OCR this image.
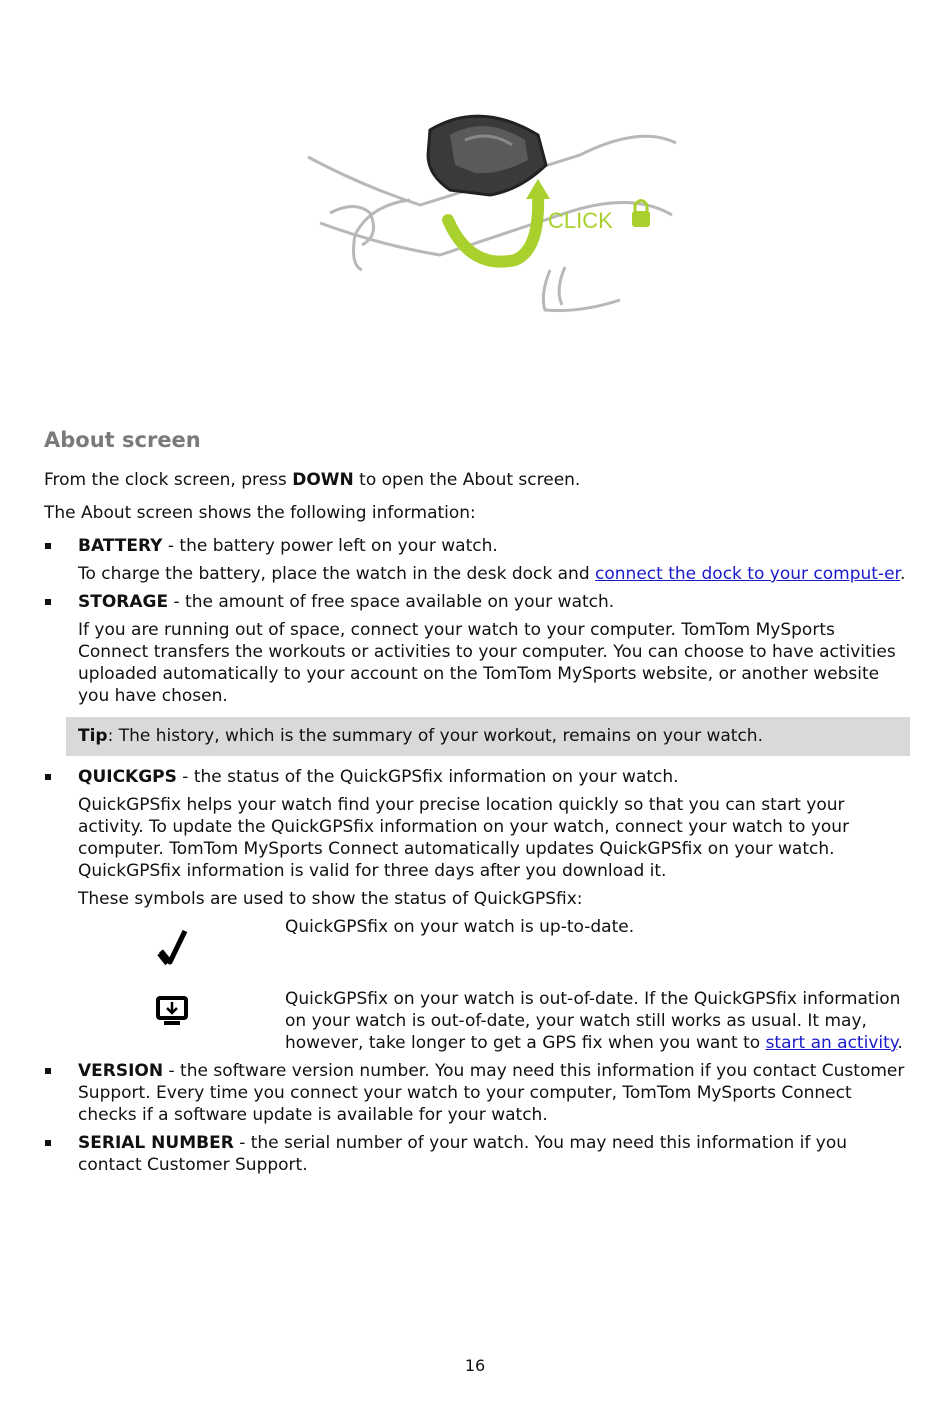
CLICK
About screen

From the clock screen, press DOWN to open the About screen.

The About screen shows the following information:

BATTERY - the battery power left on your watch.

To charge the battery, place the watch in the desk dock and connect the dock to your comput-er.

STORAGE - the amount of free space available on your watch.

If you are running out of space, connect your watch to your computer. TomTom MySports Connect transfers the workouts or activities to your computer. You can choose to have activities uploaded automatically to your account on the TomTom MySports website, or another website you have chosen.

Tip: The history, which is the summary of your workout, remains on your watch.

QUICKGPS - the status of the QuickGPSfix information on your watch.

QuickGPSfix helps your watch find your precise location quickly so that you can start your activity. To update the QuickGPSfix information on your watch, connect your watch to your computer. TomTom MySports Connect automatically updates QuickGPSfix on your watch. QuickGPSfix information is valid for three days after you download it.

These symbols are used to show the status of QuickGPSfix:

QuickGPSfix on your watch is up-to-date.

QuickGPSfix on your watch is out-of-date. If the QuickGPSfix information on your watch is out-of-date, your watch still works as usual. It may, however, take longer to get a GPS fix when you want to start an activity.

VERSION - the software version number. You may need this information if you contact Customer Support. Every time you connect your watch to your computer, TomTom MySports Connect checks if a software update is available for your watch.

SERIAL NUMBER - the serial number of your watch. You may need this information if you contact Customer Support.

16
